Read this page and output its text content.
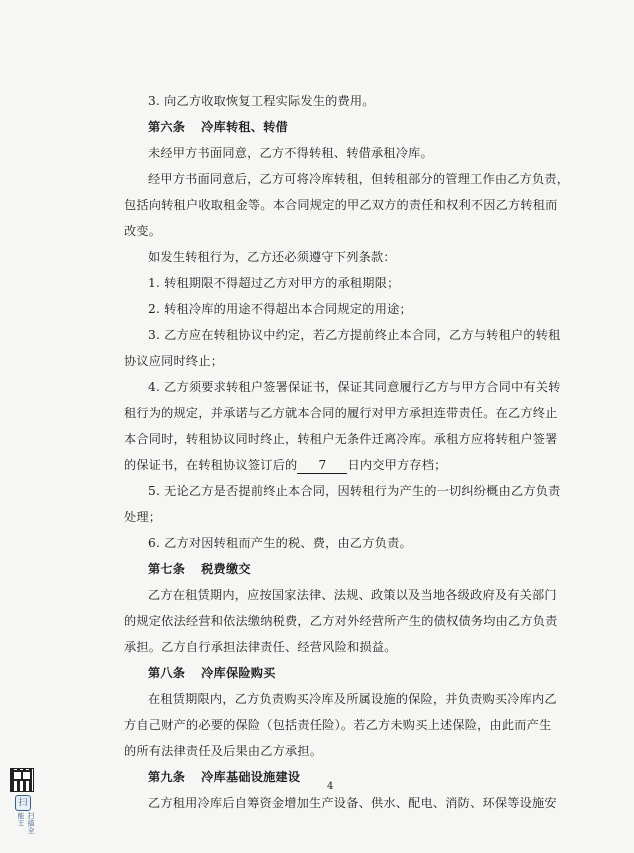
3. 向乙方收取恢复工程实际发生的费用。

第六条 冷库转租、转借

未经甲方书面同意，乙方不得转租、转借承租冷库。

经甲方书面同意后，乙方可将冷库转租，但转租部分的管理工作由乙方负责，

包括向转租户收取租金等。本合同规定的甲乙双方的责任和权利不因乙方转租而

改变。

如发生转租行为，乙方还必须遵守下列条款：

1. 转租期限不得超过乙方对甲方的承租期限；

2. 转租冷库的用途不得超出本合同规定的用途；

3. 乙方应在转租协议中约定，若乙方提前终止本合同，乙方与转租户的转租

协议应同时终止；

4. 乙方须要求转租户签署保证书，保证其同意履行乙方与甲方合同中有关转

租行为的规定，并承诺与乙方就本合同的履行对甲方承担连带责任。在乙方终止

本合同时，转租协议同时终止，转租户无条件迁离冷库。承租方应将转租户签署

的保证书，在转租协议签订后的 7 日内交甲方存档；

5. 无论乙方是否提前终止本合同，因转租行为产生的一切纠纷概由乙方负责

处理；

6. 乙方对因转租而产生的税、费，由乙方负责。

第七条 税费缴交

乙方在租赁期内，应按国家法律、法规、政策以及当地各级政府及有关部门

的规定依法经营和依法缴纳税费，乙方对外经营所产生的债权债务均由乙方负责

承担。乙方自行承担法律责任、经营风险和损益。

第八条 冷库保险购买

在租赁期限内，乙方负责购买冷库及所属设施的保险，并负责购买冷库内乙

方自己财产的必要的保险（包括责任险）。若乙方未购买上述保险，由此而产生

的所有法律责任及后果由乙方承担。

第九条 冷库基础设施建设

乙方租用冷库后自筹资金增加生产设备、供水、配电、消防、环保等设施安

4
扫
扫描全能王
